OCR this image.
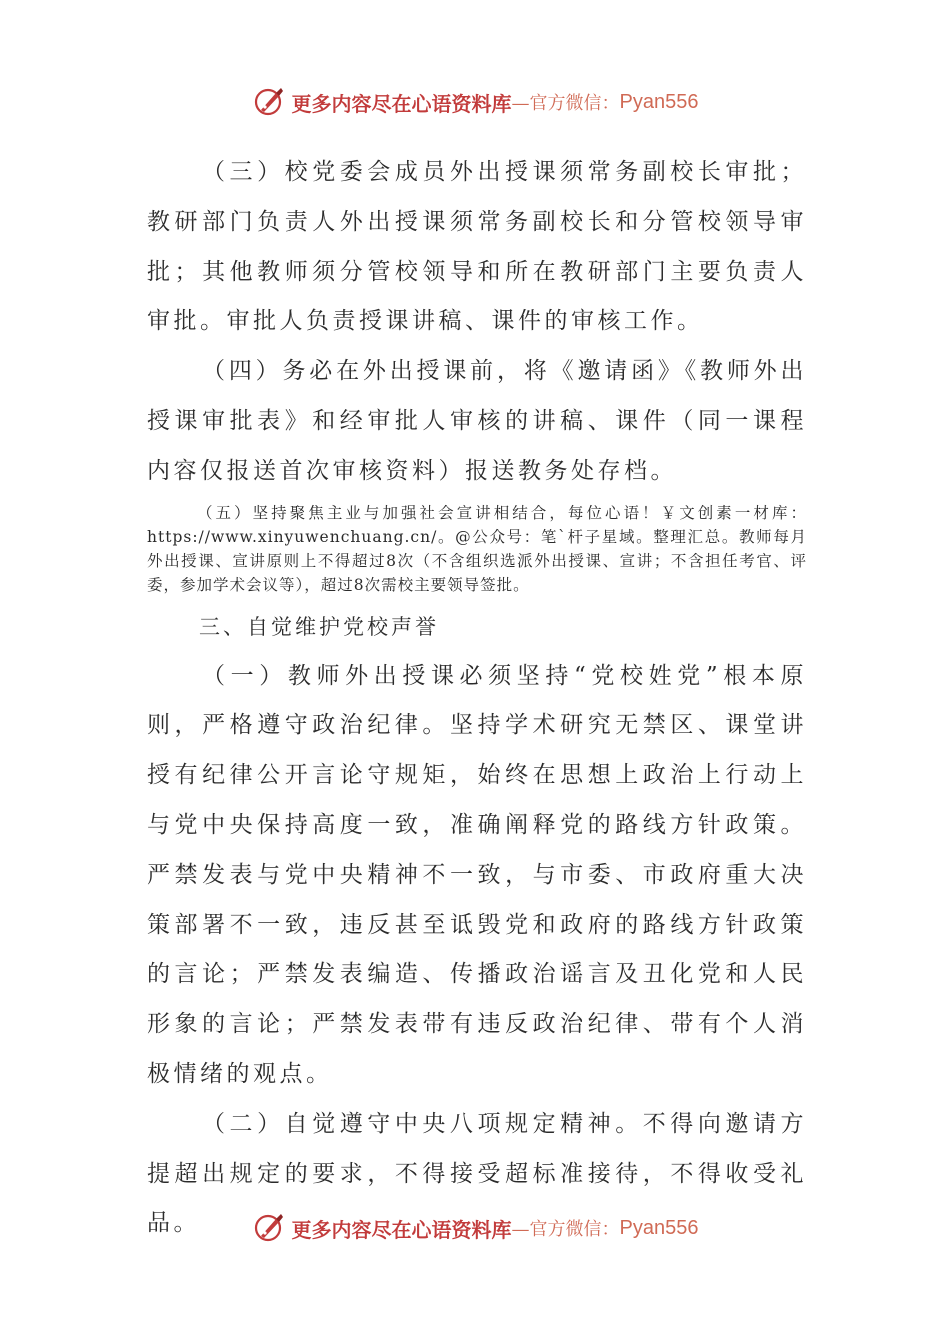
更多内容尽在心语资料库 —官方微信： Pyan556

（三）校党委会成员外出授课须常务副校长审批；教研部门负责人外出授课须常务副校长和分管校领导审批；其他教师须分管校领导和所在教研部门主要负责人审批。审批人负责授课讲稿、课件的审核工作。

（四）务必在外出授课前，将《邀请函》《教师外出授课审批表》和经审批人审核的讲稿、课件（同一课程内容仅报送首次审核资料）报送教务处存档。

（五）坚持聚焦主业与加强社会宣讲相结合，每位心语！￥文创素一材库：https://www.xinyuwenchuang.cn/。@公众号：笔`杆子星域。整理汇总。教师每月外出授课、宣讲原则上不得超过8次（不含组织选派外出授课、宣讲；不含担任考官、评委，参加学术会议等），超过8次需校主要领导签批。

三、自觉维护党校声誉

（一）教师外出授课必须坚持“党校姓党”根本原则，严格遵守政治纪律。坚持学术研究无禁区、课堂讲授有纪律公开言论守规矩，始终在思想上政治上行动上与党中央保持高度一致，准确阐释党的路线方针政策。严禁发表与党中央精神不一致，与市委、市政府重大决策部署不一致，违反甚至诋毁党和政府的路线方针政策的言论；严禁发表编造、传播政治谣言及丑化党和人民形象的言论；严禁发表带有违反政治纪律、带有个人消极情绪的观点。

（二）自觉遵守中央八项规定精神。不得向邀请方提超出规定的要求，不得接受超标准接待，不得收受礼品。	更多内容尽在心语资料库 —官方微信： Pyan556
